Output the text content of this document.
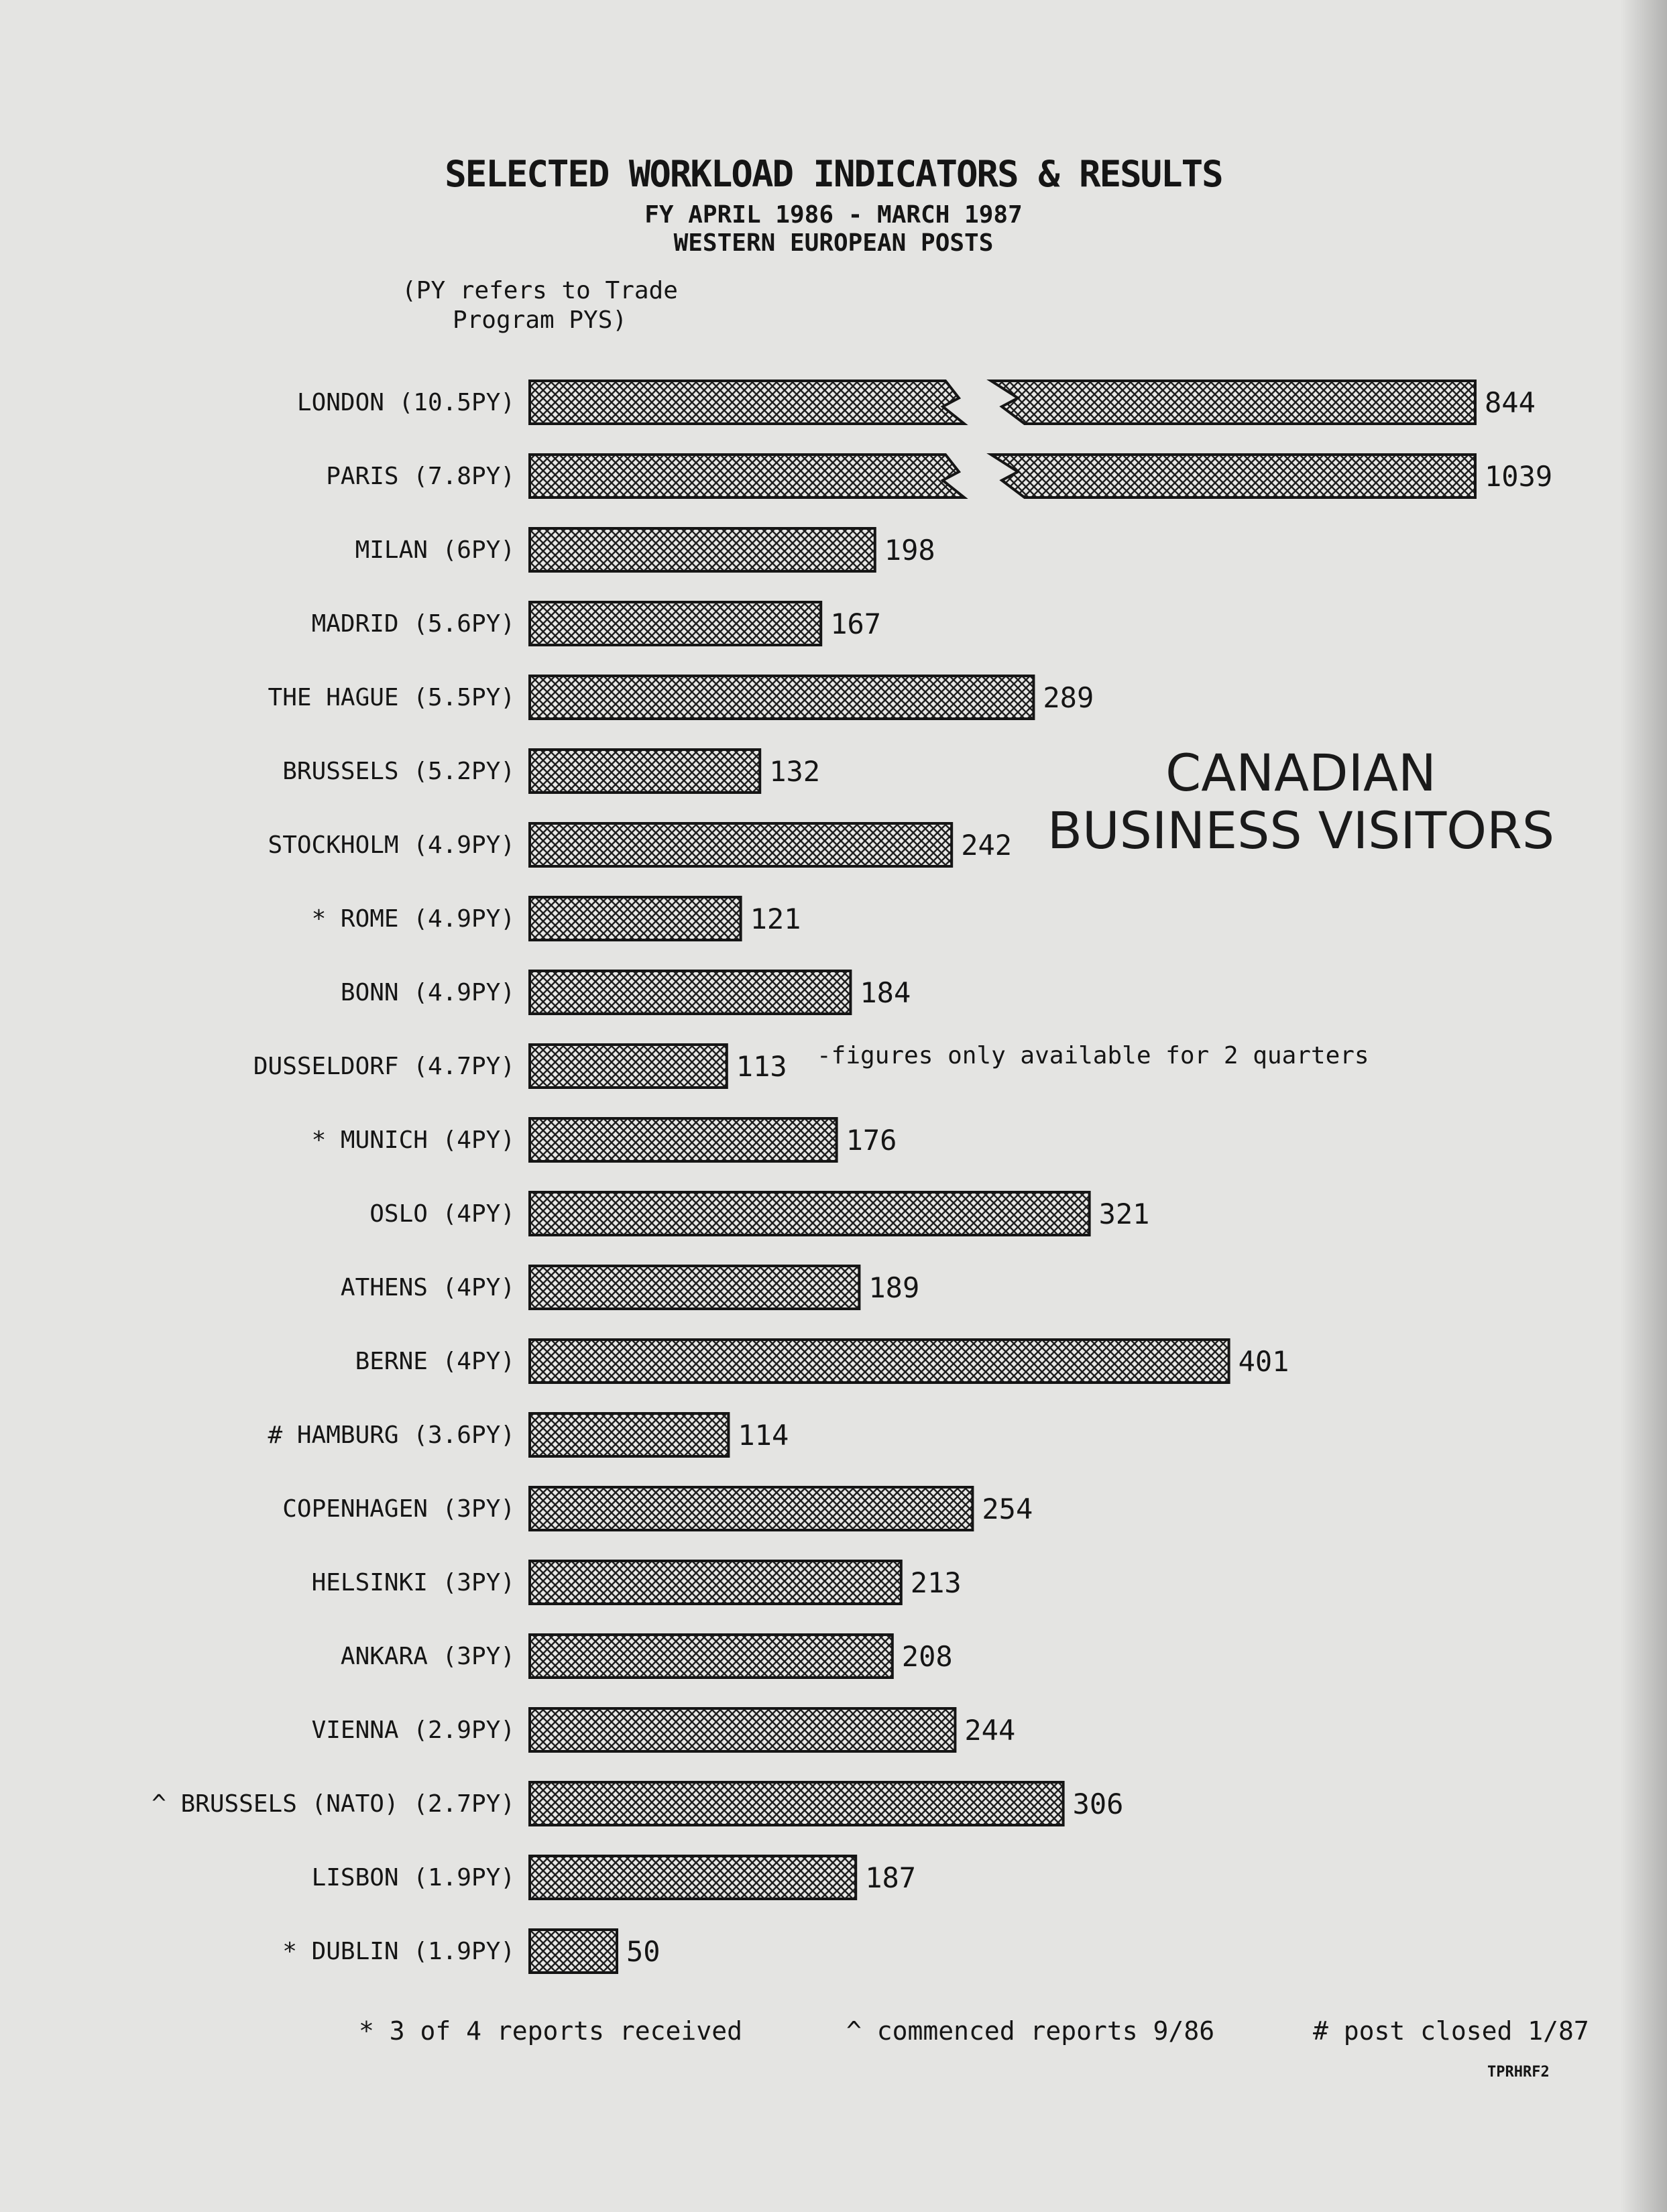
SELECTED WORKLOAD INDICATORS & RESULTS
FY APRIL 1986 - MARCH 1987
WESTERN EUROPEAN POSTS
(PY refers to Trade Program PYS)
LONDON (10.5PY)	844
PARIS (7.8PY)	1039
MILAN (6PY)	198
MADRID (5.6PY)	167
THE HAGUE (5.5PY)	289
BRUSSELS (5.2PY)	132
STOCKHOLM (4.9PY)	242
* ROME (4.9PY)	121
BONN (4.9PY)	184
DUSSELDORF (4.7PY)	113
* MUNICH (4PY)	176
OSLO (4PY)	321
ATHENS (4PY)	189
BERNE (4PY)	401
# HAMBURG (3.6PY)	114
COPENHAGEN (3PY)	254
HELSINKI (3PY)	213
ANKARA (3PY)	208
VIENNA (2.9PY)	244
^ BRUSSELS (NATO) (2.7PY)	306
LISBON (1.9PY)	187
* DUBLIN (1.9PY)	50
CANADIAN BUSINESS VISITORS
-figures only available for 2 quarters
* 3 of 4 reports received	^ commenced reports 9/86	# post closed 1/87
TPRHRF2
